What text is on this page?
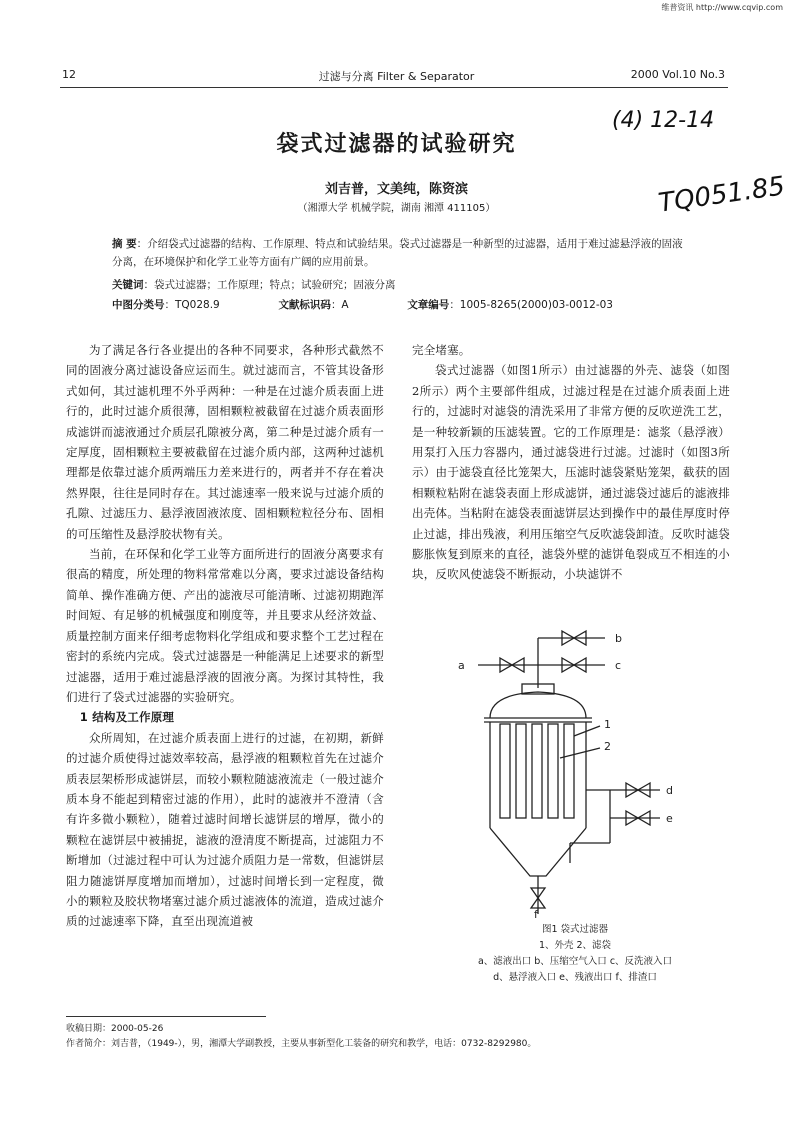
维普资讯 http://www.cqvip.com
12	过滤与分离 Filter & Separator	2000 Vol.10 No.3
(4) 12-14
TQ051.85
袋式过滤器的试验研究
刘吉普，文美纯，陈资滨
（湘潭大学 机械学院，湖南 湘潭 411105）
摘 要：介绍袋式过滤器的结构、工作原理、特点和试验结果。袋式过滤器是一种新型的过滤器，适用于难过滤悬浮液的固液分离，在环境保护和化学工业等方面有广阔的应用前景。
关键词：袋式过滤器；工作原理；特点；试验研究；固液分离
中图分类号：TQ028.9	文献标识码：A	文章编号：1005-8265(2000)03-0012-03

为了满足各行各业提出的各种不同要求，各种形式截然不同的固液分离过滤设备应运而生。就过滤而言，不管其设备形式如何，其过滤机理不外乎两种：一种是在过滤介质表面上进行的，此时过滤介质很薄，固相颗粒被截留在过滤介质表面形成滤饼而滤液通过介质层孔隙被分离，第二种是过滤介质有一定厚度，固相颗粒主要被截留在过滤介质内部，这两种过滤机理都是依靠过滤介质两端压力差来进行的，两者并不存在着决然界限，往往是同时存在。其过滤速率一般来说与过滤介质的孔隙、过滤压力、悬浮液固液浓度、固相颗粒粒径分布、固相的可压缩性及悬浮胶状物有关。

当前，在环保和化学工业等方面所进行的固液分离要求有很高的精度，所处理的物料常常难以分离，要求过滤设备结构简单、操作准确方便、产出的滤液尽可能清晰、过滤初期跑浑时间短、有足够的机械强度和刚度等，并且要求从经济效益、质量控制方面来仔细考虑物料化学组成和要求整个工艺过程在密封的系统内完成。袋式过滤器是一种能满足上述要求的新型过滤器，适用于难过滤悬浮液的固液分离。为探讨其特性，我们进行了袋式过滤器的实验研究。

1 结构及工作原理

众所周知，在过滤介质表面上进行的过滤，在初期，新鲜的过滤介质使得过滤效率较高，悬浮液的粗颗粒首先在过滤介质表层架桥形成滤饼层，而较小颗粒随滤液流走（一般过滤介质本身不能起到精密过滤的作用），此时的滤液并不澄清（含有许多微小颗粒），随着过滤时间增长滤饼层的增厚，微小的颗粒在滤饼层中被捕捉，滤液的澄清度不断提高，过滤阻力不断增加（过滤过程中可认为过滤介质阻力是一常数，但滤饼层阻力随滤饼厚度增加而增加），过滤时间增长到一定程度，微小的颗粒及胶状物堵塞过滤介质过滤液体的流道，造成过滤介质的过滤速率下降，直至出现流道被

完全堵塞。

袋式过滤器（如图1所示）由过滤器的外壳、滤袋（如图2所示）两个主要部件组成，过滤过程是在过滤介质表面上进行的，过滤时对滤袋的清洗采用了非常方便的反吹逆洗工艺，是一种较新颖的压滤装置。它的工作原理是：滤浆（悬浮液）用泵打入压力容器内，通过滤袋进行过滤。过滤时（如图3所示）由于滤袋直径比笼架大，压滤时滤袋紧贴笼架，截获的固相颗粒粘附在滤袋表面上形成滤饼，通过滤袋过滤后的滤液排出壳体。当粘附在滤袋表面滤饼层达到操作中的最佳厚度时停止过滤，排出残液，利用压缩空气反吹滤袋卸渣。反吹时滤袋膨胀恢复到原来的直径，滤袋外壁的滤饼龟裂成互不相连的小块，反吹风使滤袋不断振动，小块滤饼不

a
b
c
1
2
d
e
f
图1 袋式过滤器
1、外壳 2、滤袋
a、滤液出口 b、压缩空气入口 c、反洗液入口
d、悬浮液入口 e、残液出口 f、排渣口
收稿日期：2000-05-26
作者简介：刘吉普，（1949-），男，湘潭大学副教授，主要从事新型化工装备的研究和教学，电话：0732-8292980。
